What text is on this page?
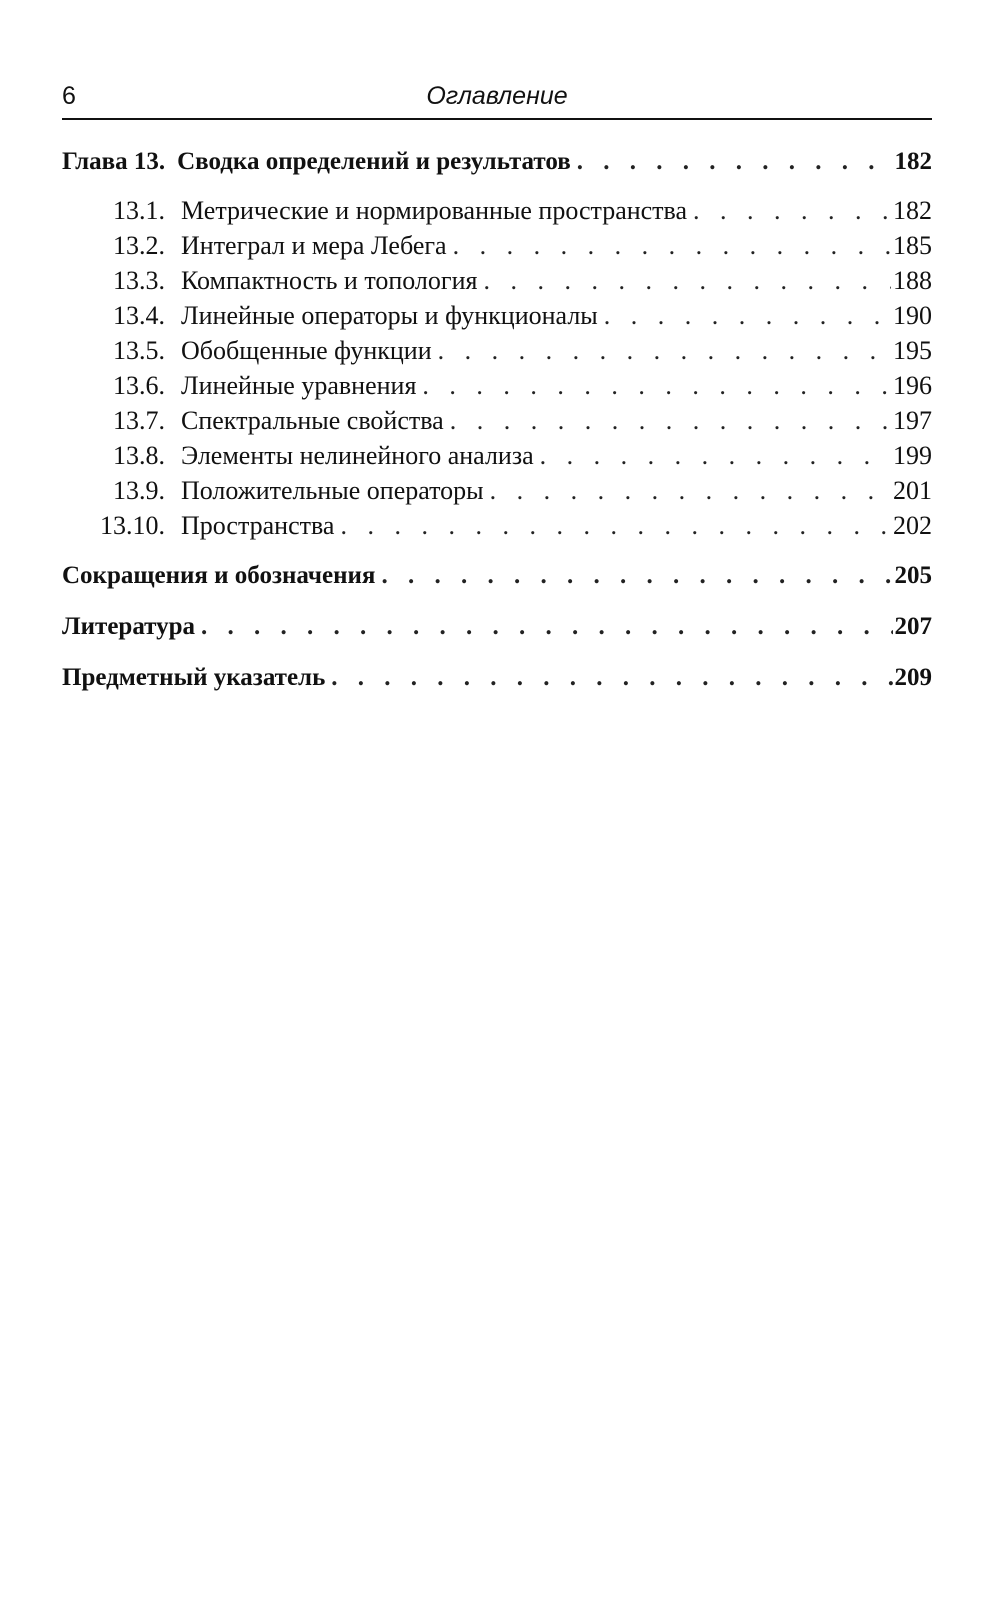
6	Оглавление
Глава 13. Сводка определений и результатов . . .	182
13.1. Метрические и нормированные пространства . . .	182
13.2. Интеграл и мера Лебега . . .	185
13.3. Компактность и топология . . .	188
13.4. Линейные операторы и функционалы . . .	190
13.5. Обобщенные функции . . .	195
13.6. Линейные уравнения . . .	196
13.7. Спектральные свойства . . .	197
13.8. Элементы нелинейного анализа . . .	199
13.9. Положительные операторы . . .	201
13.10. Пространства . . .	202
Сокращения и обозначения . . .	205
Литература . . .	207
Предметный указатель . . .	209
